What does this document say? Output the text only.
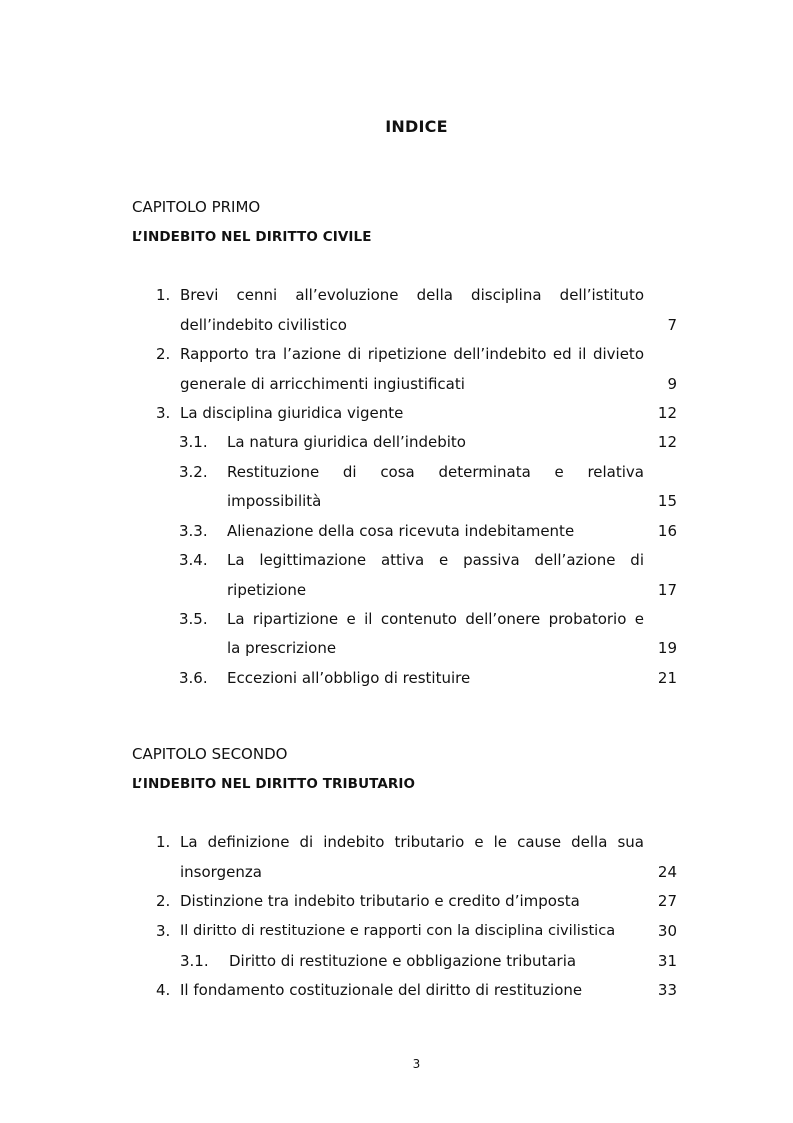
INDICE
CAPITOLO PRIMO
L’INDEBITO NEL DIRITTO CIVILE
1. Brevi cenni all’evoluzione della disciplina dell’istituto
dell’indebito civilistico	7
2. Rapporto tra l’azione di ripetizione dell’indebito ed il divieto
generale di arricchimenti ingiustificati	9
3. La disciplina giuridica vigente	12
3.1. La natura giuridica dell’indebito	12
3.2. Restituzione di cosa determinata e relativa
impossibilità	15
3.3. Alienazione della cosa ricevuta indebitamente	16
3.4. La legittimazione attiva e passiva dell’azione di
ripetizione	17
3.5. La ripartizione e il contenuto dell’onere probatorio e
la prescrizione	19
3.6. Eccezioni all’obbligo di restituire	21
CAPITOLO SECONDO
L’INDEBITO NEL DIRITTO TRIBUTARIO
1. La definizione di indebito tributario e le cause della sua
insorgenza	24
2. Distinzione tra indebito tributario e credito d’imposta	27
3. Il diritto di restituzione e rapporti con la disciplina civilistica	30
3.1. Diritto di restituzione e obbligazione tributaria	31
4. Il fondamento costituzionale del diritto di restituzione	33
3
